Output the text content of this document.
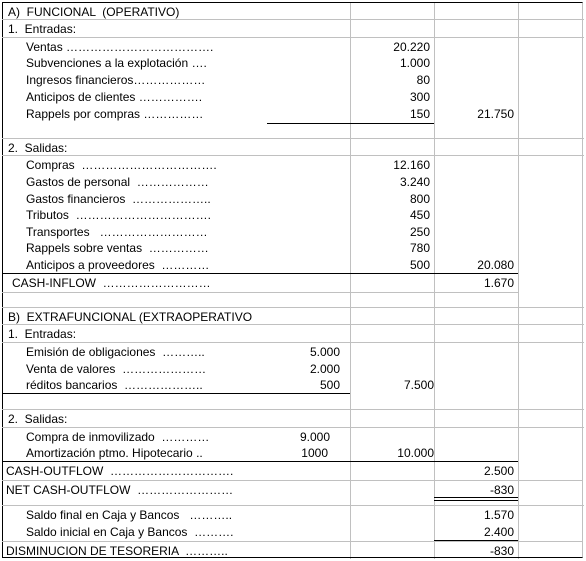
A)  FUNCIONAL  (OPERATIVO)
1.  Entradas:
Ventas ……………………………….	20.220
Subvenciones a la explotación ….	1.000
Ingresos financieros………………	80
Anticipos de clientes …………….	300
Rappels por compras ……………	150	21.750
2.  Salidas:
Compras  …………………………….	12.160
Gastos de personal  ………………	3.240
Gastos financieros  ………………..	800
Tributos  …………………………….	450
Transportes   ………………………	250
Rappels sobre ventas  ……………	780
Anticipos a proveedores  …………	500	20.080
CASH-INFLOW  ………………………	1.670
B)  EXTRAFUNCIONAL (EXTRAOPERATIVO
1.  Entradas:
Emisión de obligaciones  ………..	5.000
Venta de valores  …………………	2.000
réditos bancarios  ………………..	500	7.500
2.  Salidas:
Compra de inmovilizado  …………	9.000
Amortización ptmo. Hipotecario ..	1000	10.000
CASH-OUTFLOW  ………………………….	2.500
NET CASH-OUTFLOW  ……………………	-830
Saldo final en Caja y Bancos   ………..	1.570
Saldo inicial en Caja y Bancos  ……….	2.400
DISMINUCION DE TESORERIA  ………..	-830
